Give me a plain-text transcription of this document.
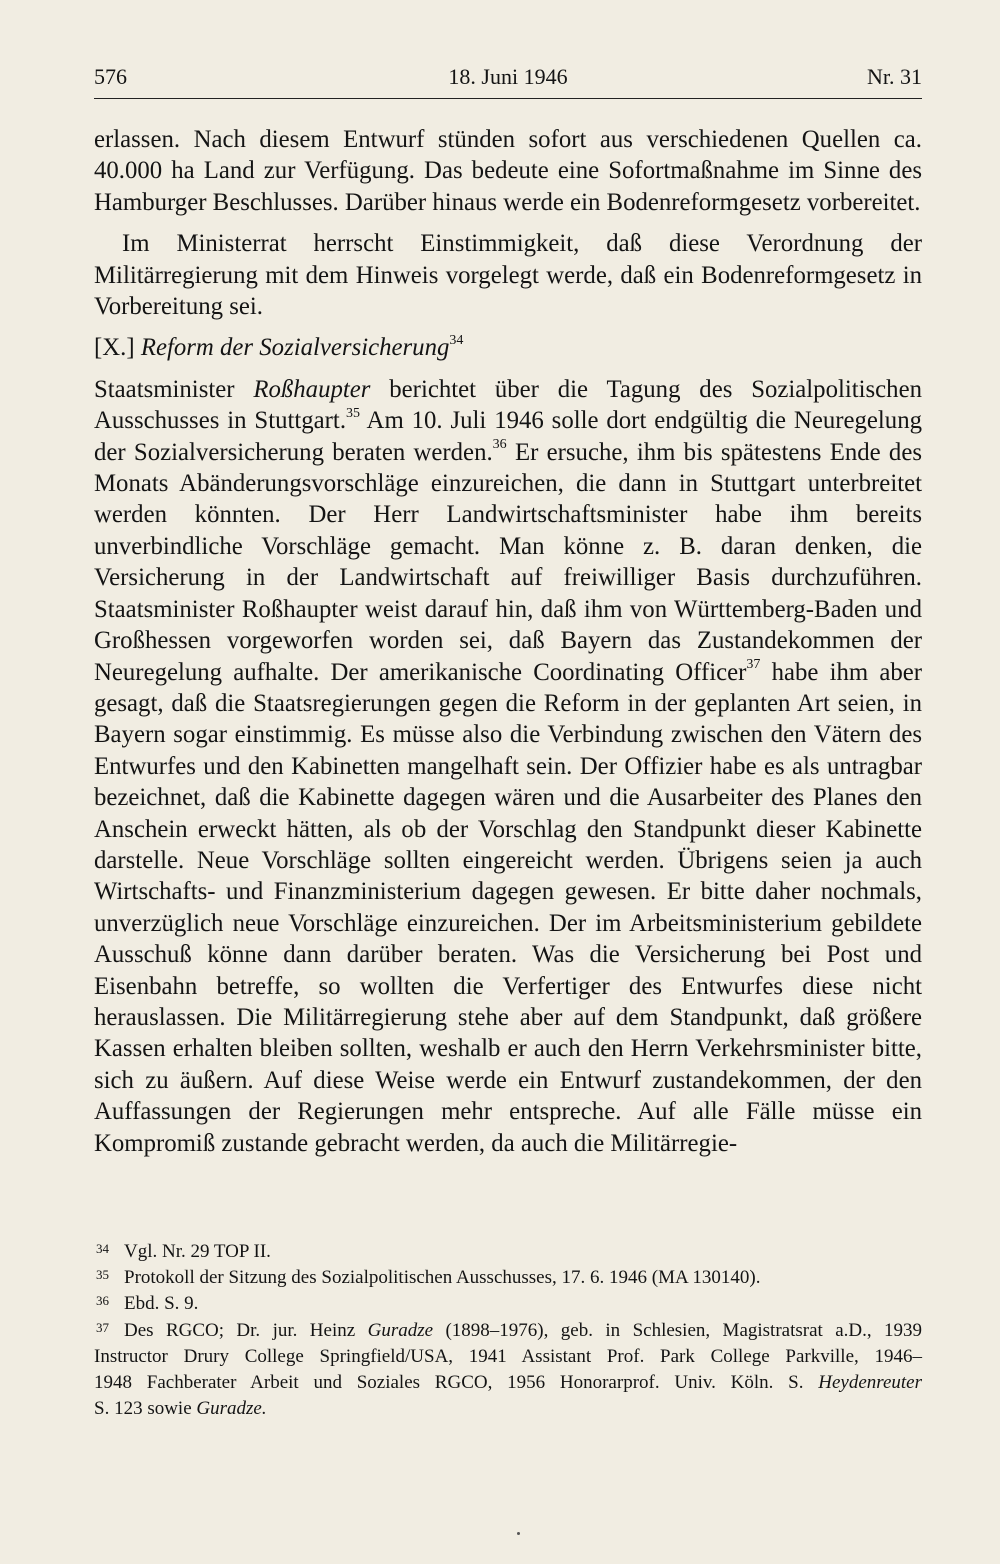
576	18. Juni 1946	Nr. 31

erlassen. Nach diesem Entwurf stünden sofort aus verschiedenen Quellen ca. 40.000 ha Land zur Verfügung. Das bedeute eine Sofortmaßnahme im Sinne des Hamburger Beschlusses. Darüber hinaus werde ein Bodenreformgesetz vorbereitet.

Im Ministerrat herrscht Einstimmigkeit, daß diese Verordnung der Militärregierung mit dem Hinweis vorgelegt werde, daß ein Bodenreformgesetz in Vorbereitung sei.

[X.] Reform der Sozialversicherung$^{34}$

Staatsminister Roßhaupter berichtet über die Tagung des Sozialpolitischen Ausschusses in Stuttgart.$^{35}$ Am 10. Juli 1946 solle dort endgültig die Neuregelung der Sozialversicherung beraten werden.$^{36}$ Er ersuche, ihm bis spätestens Ende des Monats Abänderungsvorschläge einzureichen, die dann in Stuttgart unterbreitet werden könnten. Der Herr Landwirtschaftsminister habe ihm bereits unverbindliche Vorschläge gemacht. Man könne z. B. daran denken, die Versicherung in der Landwirtschaft auf freiwilliger Basis durchzuführen. Staatsminister Roßhaupter weist darauf hin, daß ihm von Württemberg-Baden und Großhessen vorgeworfen worden sei, daß Bayern das Zustandekommen der Neuregelung aufhalte. Der amerikanische Coordinating Officer$^{37}$ habe ihm aber gesagt, daß die Staatsregierungen gegen die Reform in der geplanten Art seien, in Bayern sogar einstimmig. Es müsse also die Verbindung zwischen den Vätern des Entwurfes und den Kabinetten mangelhaft sein. Der Offizier habe es als untragbar bezeichnet, daß die Kabinette dagegen wären und die Ausarbeiter des Planes den Anschein erweckt hätten, als ob der Vorschlag den Standpunkt dieser Kabinette darstelle. Neue Vorschläge sollten eingereicht werden. Übrigens seien ja auch Wirtschafts- und Finanzministerium dagegen gewesen. Er bitte daher nochmals, unverzüglich neue Vorschläge einzureichen. Der im Arbeitsministerium gebildete Ausschuß könne dann darüber beraten. Was die Versicherung bei Post und Eisenbahn betreffe, so wollten die Verfertiger des Entwurfes diese nicht herauslassen. Die Militärregierung stehe aber auf dem Standpunkt, daß größere Kassen erhalten bleiben sollten, weshalb er auch den Herrn Verkehrsminister bitte, sich zu äußern. Auf diese Weise werde ein Entwurf zustandekommen, der den Auffassungen der Regierungen mehr entspreche. Auf alle Fälle müsse ein Kompromiß zustande gebracht werden, da auch die Militärregie-

34 Vgl. Nr. 29 TOP II.

35 Protokoll der Sitzung des Sozialpolitischen Ausschusses, 17. 6. 1946 (MA 130140).

36 Ebd. S. 9.

37 Des RGCO; Dr. jur. Heinz Guradze (1898–1976), geb. in Schlesien, Magistratsrat a.D., 1939
Instructor Drury College Springfield/USA, 1941 Assistant Prof. Park College Parkville, 1946–
1948 Fachberater Arbeit und Soziales RGCO, 1956 Honorarprof. Univ. Köln. S. Heydenreuter
S. 123 sowie Guradze.
